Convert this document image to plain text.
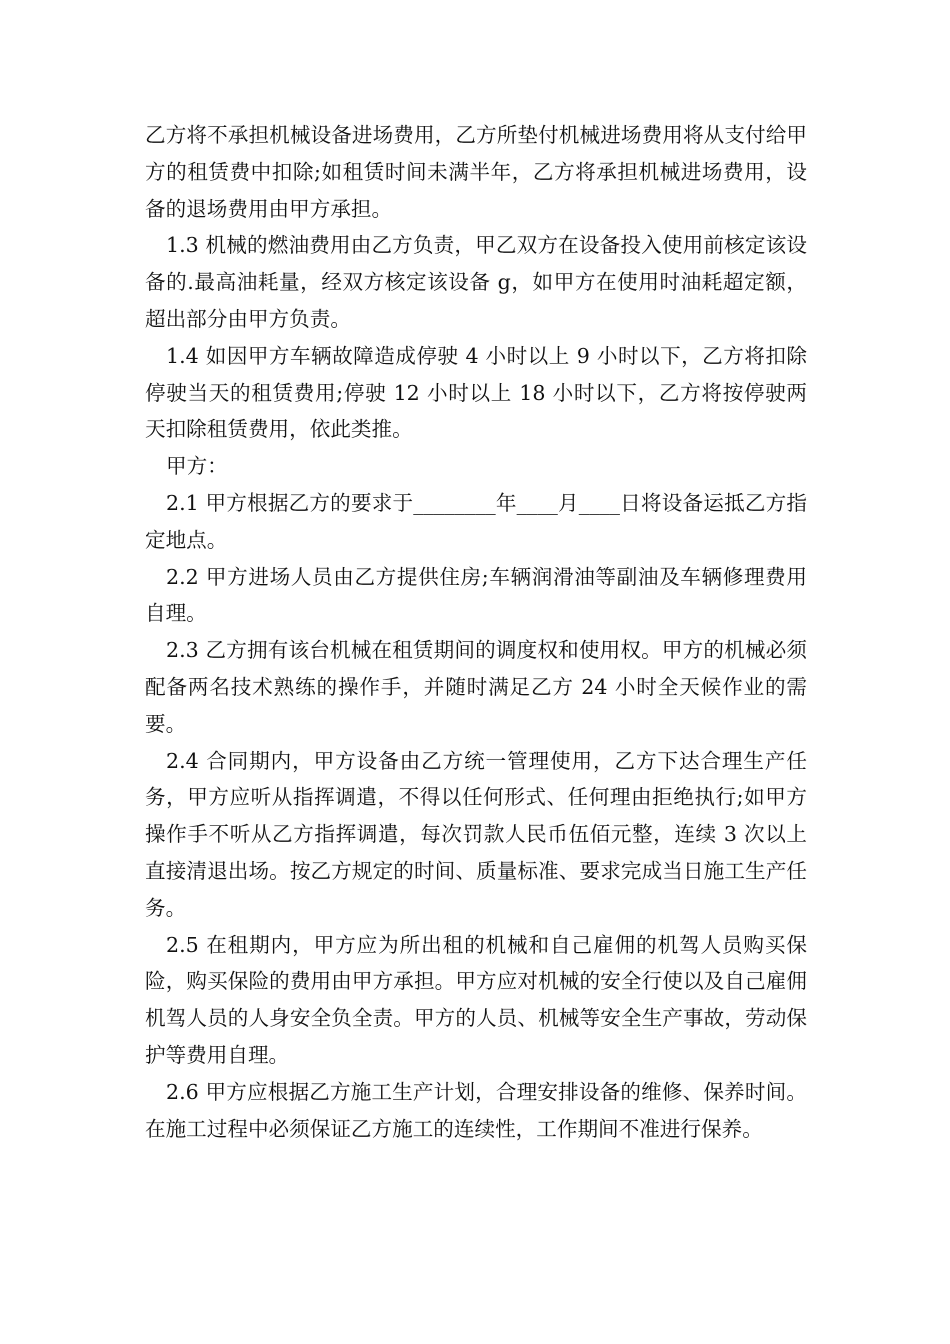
乙方将不承担机械设备进场费用，乙方所垫付机械进场费用将从支付给甲方的租赁费中扣除;如租赁时间未满半年，乙方将承担机械进场费用，设备的退场费用由甲方承担。

1.3 机械的燃油费用由乙方负责，甲乙双方在设备投入使用前核定该设备的.最高油耗量，经双方核定该设备 g，如甲方在使用时油耗超定额，超出部分由甲方负责。

1.4 如因甲方车辆故障造成停驶 4 小时以上 9 小时以下，乙方将扣除停驶当天的租赁费用;停驶 12 小时以上 18 小时以下，乙方将按停驶两天扣除租赁费用，依此类推。

甲方：

2.1 甲方根据乙方的要求于________年____月____日将设备运抵乙方指定地点。

2.2 甲方进场人员由乙方提供住房;车辆润滑油等副油及车辆修理费用自理。

2.3 乙方拥有该台机械在租赁期间的调度权和使用权。甲方的机械必须配备两名技术熟练的操作手，并随时满足乙方 24 小时全天候作业的需要。

2.4 合同期内，甲方设备由乙方统一管理使用，乙方下达合理生产任务，甲方应听从指挥调遣，不得以任何形式、任何理由拒绝执行;如甲方操作手不听从乙方指挥调遣，每次罚款人民币伍佰元整，连续 3 次以上直接清退出场。按乙方规定的时间、质量标准、要求完成当日施工生产任务。

2.5 在租期内，甲方应为所出租的机械和自己雇佣的机驾人员购买保险，购买保险的费用由甲方承担。甲方应对机械的安全行使以及自己雇佣机驾人员的人身安全负全责。甲方的人员、机械等安全生产事故，劳动保护等费用自理。

2.6 甲方应根据乙方施工生产计划，合理安排设备的维修、保养时间。在施工过程中必须保证乙方施工的连续性，工作期间不准进行保养。
